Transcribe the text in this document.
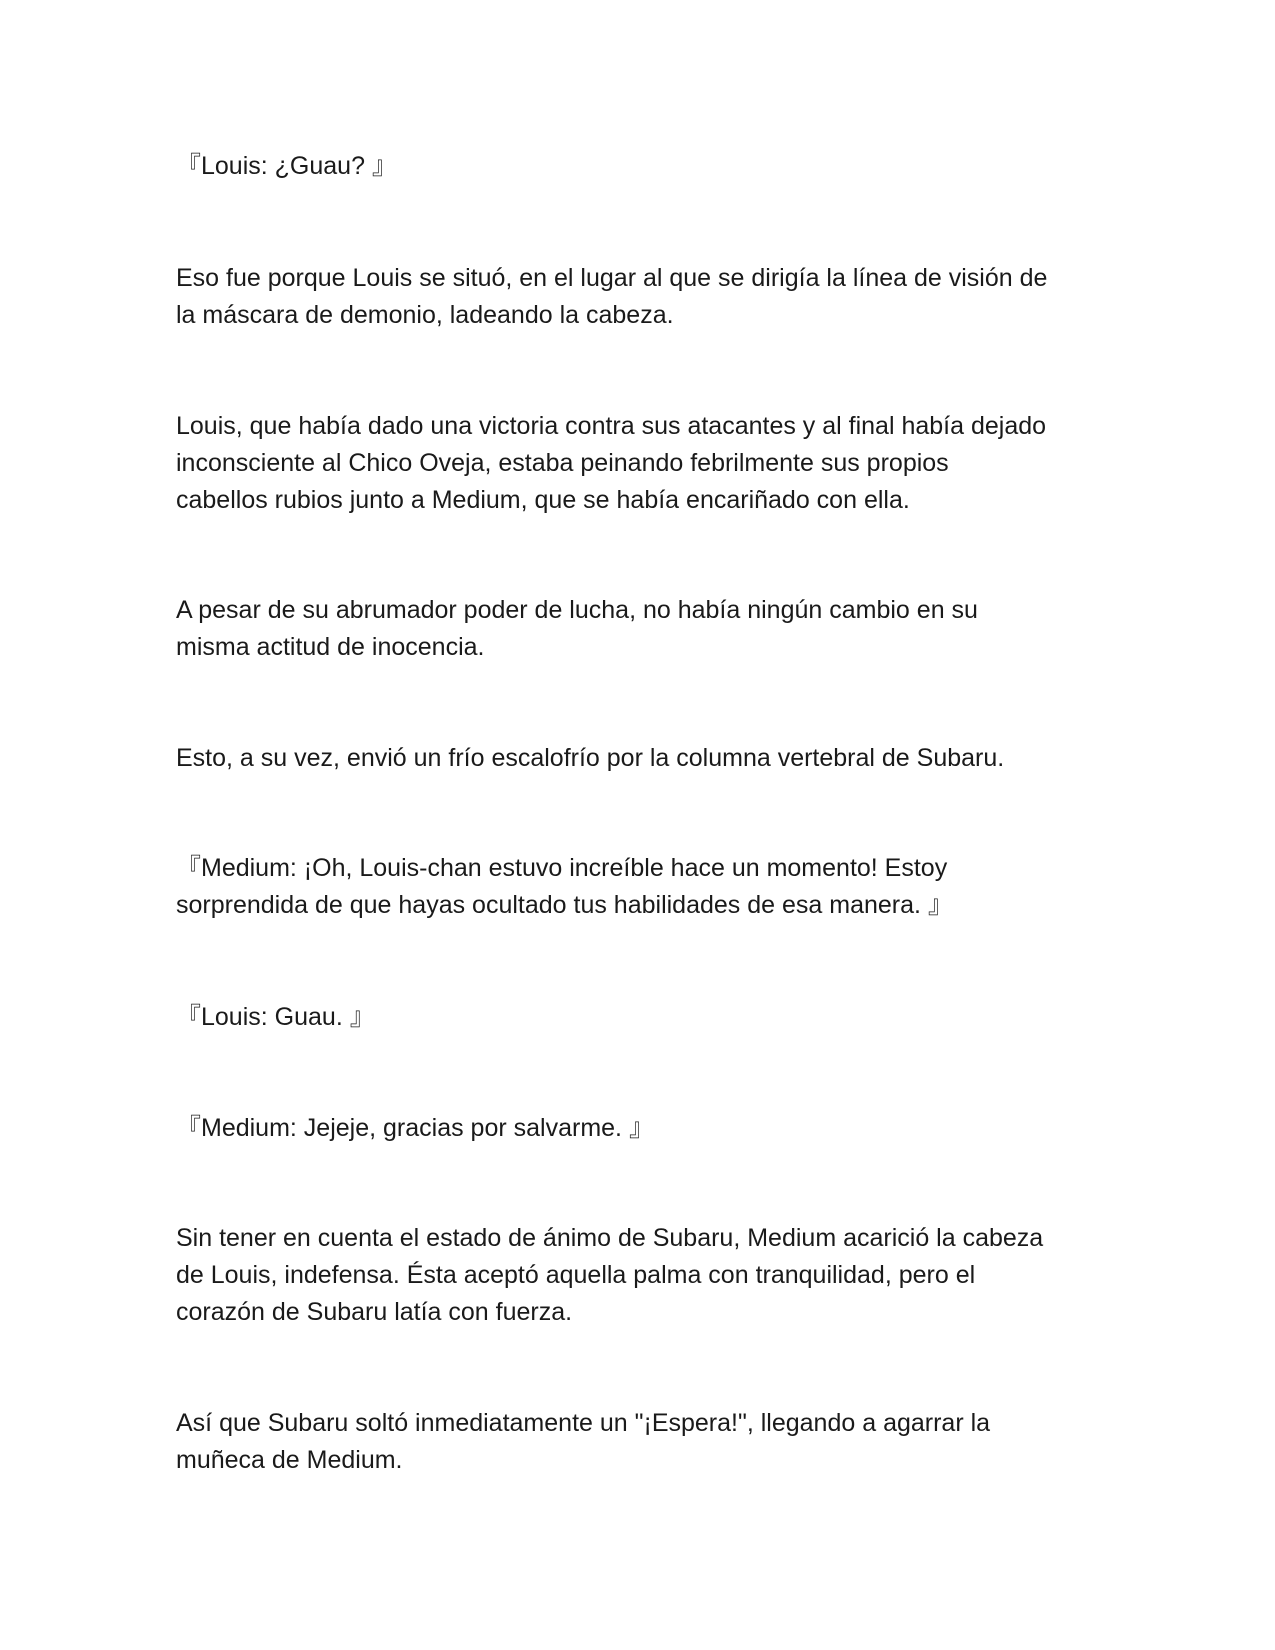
『Louis: ¿Guau? 』

Eso fue porque Louis se situó, en el lugar al que se dirigía la línea de visión de
la máscara de demonio, ladeando la cabeza.

Louis, que había dado una victoria contra sus atacantes y al final había dejado
inconsciente al Chico Oveja, estaba peinando febrilmente sus propios
cabellos rubios junto a Medium, que se había encariñado con ella.

A pesar de su abrumador poder de lucha, no había ningún cambio en su
misma actitud de inocencia.

Esto, a su vez, envió un frío escalofrío por la columna vertebral de Subaru.

『Medium: ¡Oh, Louis-chan estuvo increíble hace un momento! Estoy
sorprendida de que hayas ocultado tus habilidades de esa manera. 』

『Louis: Guau. 』

『Medium: Jejeje, gracias por salvarme. 』

Sin tener en cuenta el estado de ánimo de Subaru, Medium acarició la cabeza
de Louis, indefensa. Ésta aceptó aquella palma con tranquilidad, pero el
corazón de Subaru latía con fuerza.

Así que Subaru soltó inmediatamente un "¡Espera!", llegando a agarrar la
muñeca de Medium.
